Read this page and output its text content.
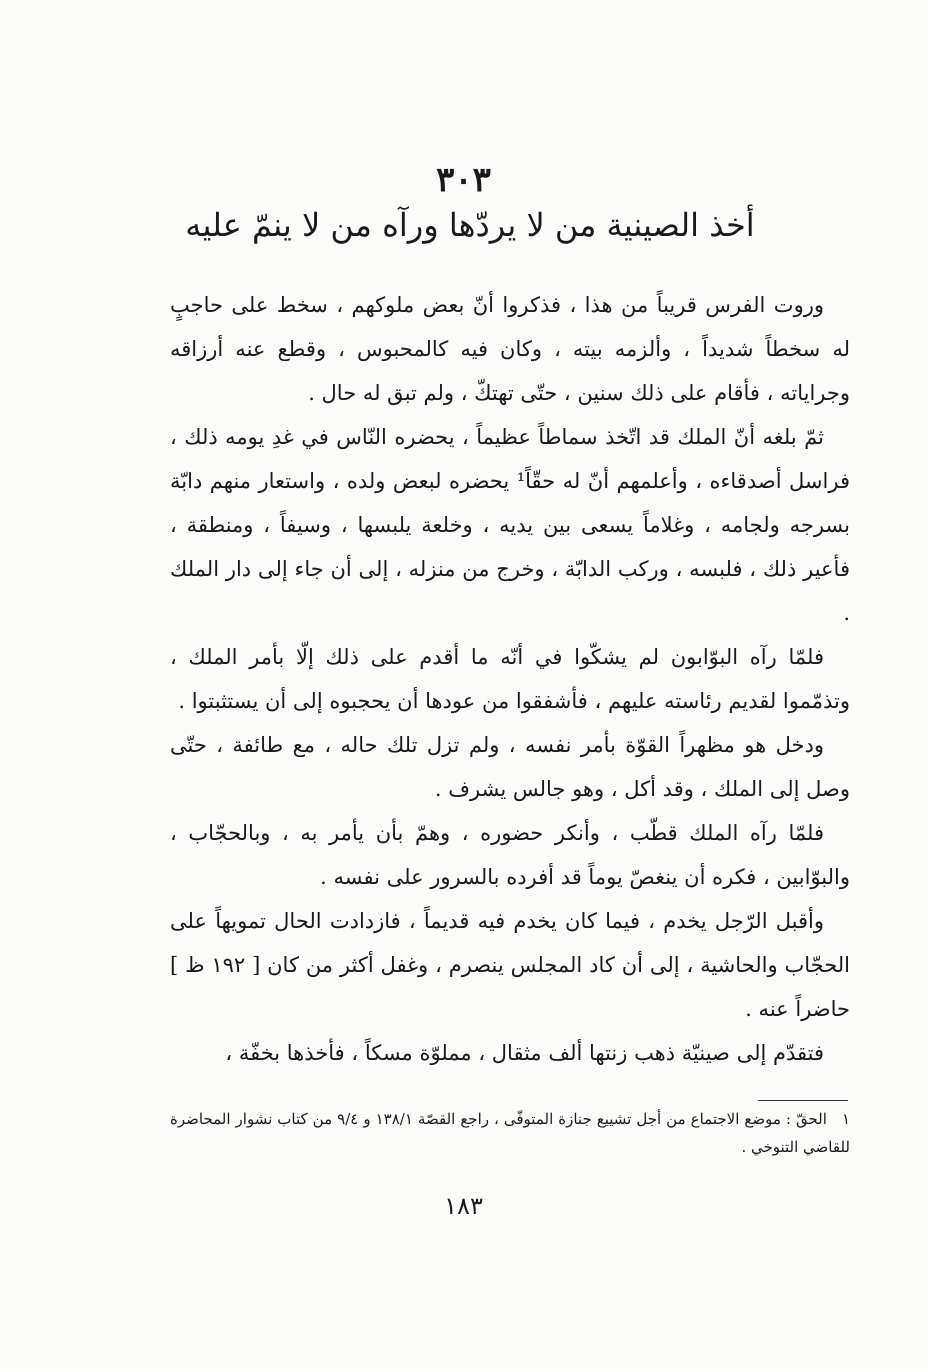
٣٠٣
أخذ الصينية من لا يردّها ورآه من لا ينمّ عليه

وروت الفرس قريباً من هذا ، فذكروا أنّ بعض ملوكهم ، سخط على حاجبٍ له سخطاً شديداً ، وألزمه بيته ، وكان فيه كالمحبوس ، وقطع عنه أرزاقه وجراياته ، فأقام على ذلك سنين ، حتّى تهتكّ ، ولم تبق له حال .

ثمّ بلغه أنّ الملك قد اتّخذ سماطاً عظيماً ، يحضره النّاس في غدِ يومه ذلك ، فراسل أصدقاءه ، وأعلمهم أنّ له حقّاً¹ يحضره لبعض ولده ، واستعار منهم دابّة بسرجه ولجامه ، وغلاماً يسعى بين يديه ، وخلعة يلبسها ، وسيفاً ، ومنطقة ، فأعير ذلك ، فلبسه ، وركب الدابّة ، وخرج من منزله ، إلى أن جاء إلى دار الملك .

فلمّا رآه البوّابون لم يشكّوا في أنّه ما أقدم على ذلك إلّا بأمر الملك ، وتذمّموا لقديم رئاسته عليهم ، فأشفقوا من عودها أن يحجبوه إلى أن يستثبتوا .

ودخل هو مظهراً القوّة بأمر نفسه ، ولم تزل تلك حاله ، مع طائفة ، حتّى وصل إلى الملك ، وقد أكل ، وهو جالس يشرف .

فلمّا رآه الملك قطّب ، وأنكر حضوره ، وهمّ بأن يأمر به ، وبالحجّاب ، والبوّابين ، فكره أن ينغصّ يوماً قد أفرده بالسرور على نفسه .

وأقبل الرّجل يخدم ، فيما كان يخدم فيه قديماً ، فازدادت الحال تمويهاً على الحجّاب والحاشية ، إلى أن كاد المجلس ينصرم ، وغفل أكثر من كان [ ١٩٢ ظ ] حاضراً عنه .

فتقدّم إلى صينيّة ذهب زنتها ألف مثقال ، مملوّة مسكاً ، فأخذها بخفّة ،

١ الحقّ : موضع الاجتماع من أجل تشييع جنازة المتوفّى ، راجع القصّة ١٣٨/١ و ٩/٤ من كتاب نشوار المحاضرة للقاضي التنوخي .
١٨٣
